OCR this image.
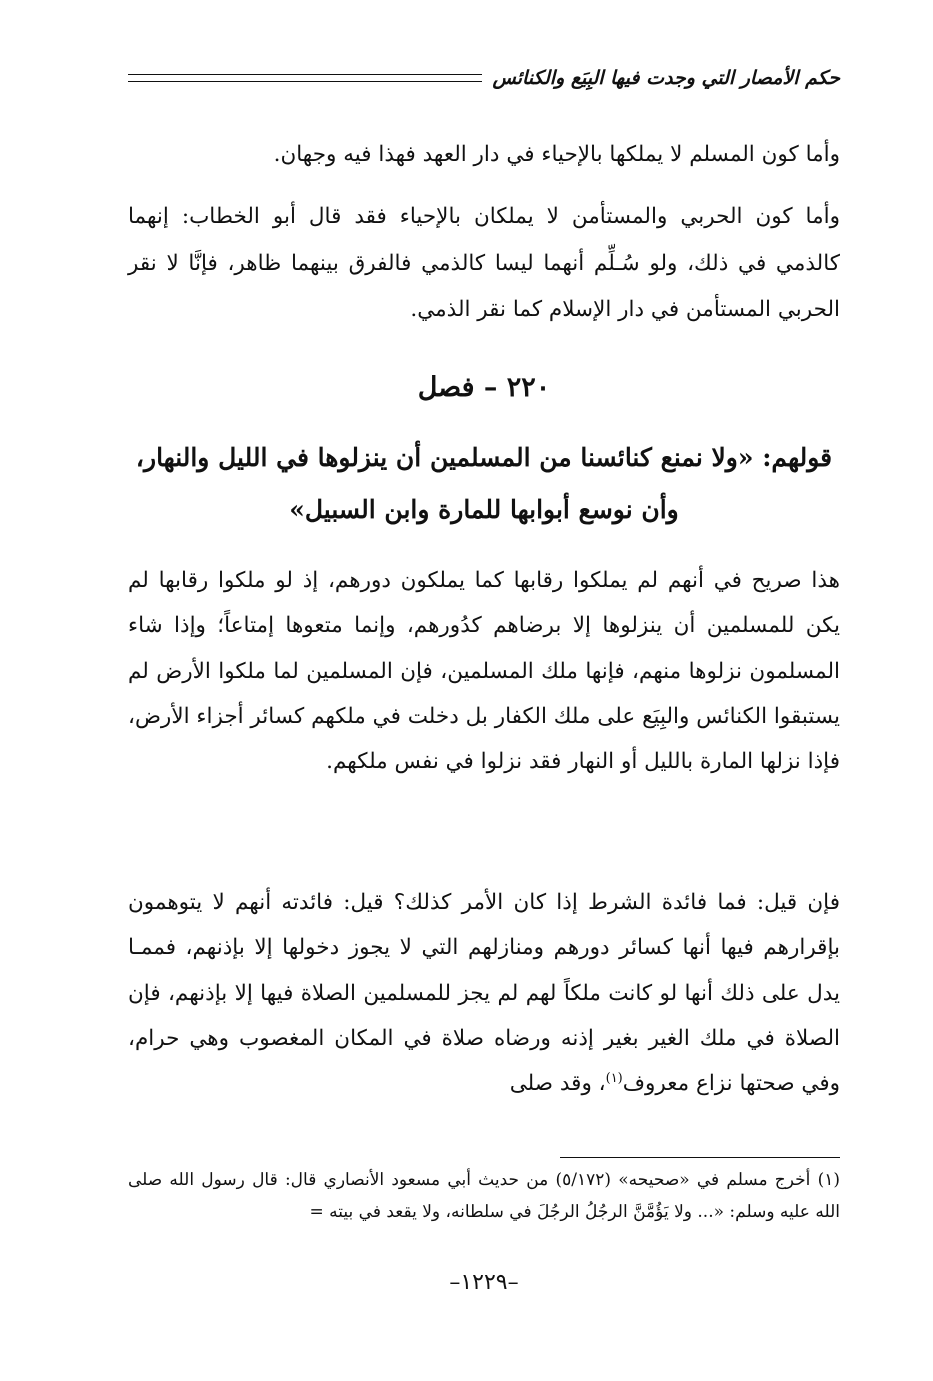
حكم الأمصار التي وجدت فيها البِيَع والكنائس

وأما كون المسلم لا يملكها بالإحياء في دار العهد فهذا فيه وجهان.

وأما كون الحربي والمستأمن لا يملكان بالإحياء فقد قال أبو الخطاب: إنهما كالذمي في ذلك، ولو سُـلِّم أنهما ليسا كالذمي فالفرق بينهما ظاهر، فإنَّا لا نقر الحربي المستأمن في دار الإسلام كما نقر الذمي.

٢٢٠ – فصل
قولهم: «ولا نمنع كنائسنا من المسلمين أن ينزلوها في الليل والنهار، وأن نوسع أبوابها للمارة وابن السبيل»

هذا صريح في أنهم لم يملكوا رقابها كما يملكون دورهم، إذ لو ملكوا رقابها لم يكن للمسلمين أن ينزلوها إلا برضاهم كدُورهم، وإنما متعوها إمتاعاً؛ وإذا شاء المسلمون نزلوها منهم، فإنها ملك المسلمين، فإن المسلمين لما ملكوا الأرض لم يستبقوا الكنائس والبِيَع على ملك الكفار بل دخلت في ملكهم كسائر أجزاء الأرض، فإذا نزلها المارة بالليل أو النهار فقد نزلوا في نفس ملكهم.

فإن قيل: فما فائدة الشرط إذا كان الأمر كذلك؟ قيل: فائدته أنهم لا يتوهمون بإقرارهم فيها أنها كسائر دورهم ومنازلهم التي لا يجوز دخولها إلا بإذنهم، فممـا يدل على ذلك أنها لو كانت ملكاً لهم لم يجز للمسلمين الصلاة فيها إلا بإذنهم، فإن الصلاة في ملك الغير بغير إذنه ورضاه صلاة في المكان المغصوب وهي حرام، وفي صحتها نزاع معروف$^{(١)}$، وقد صلى

(١) أخرج مسلم في «صحيحه» (٥/١٧٢) من حديث أبي مسعود الأنصاري قال: قال رسول الله صلى الله عليه وسلم: «... ولا يَؤُمَّنَّ الرجُلُ الرجُلَ في سلطانه، ولا يقعد في بيته =

–١٢٢٩–
